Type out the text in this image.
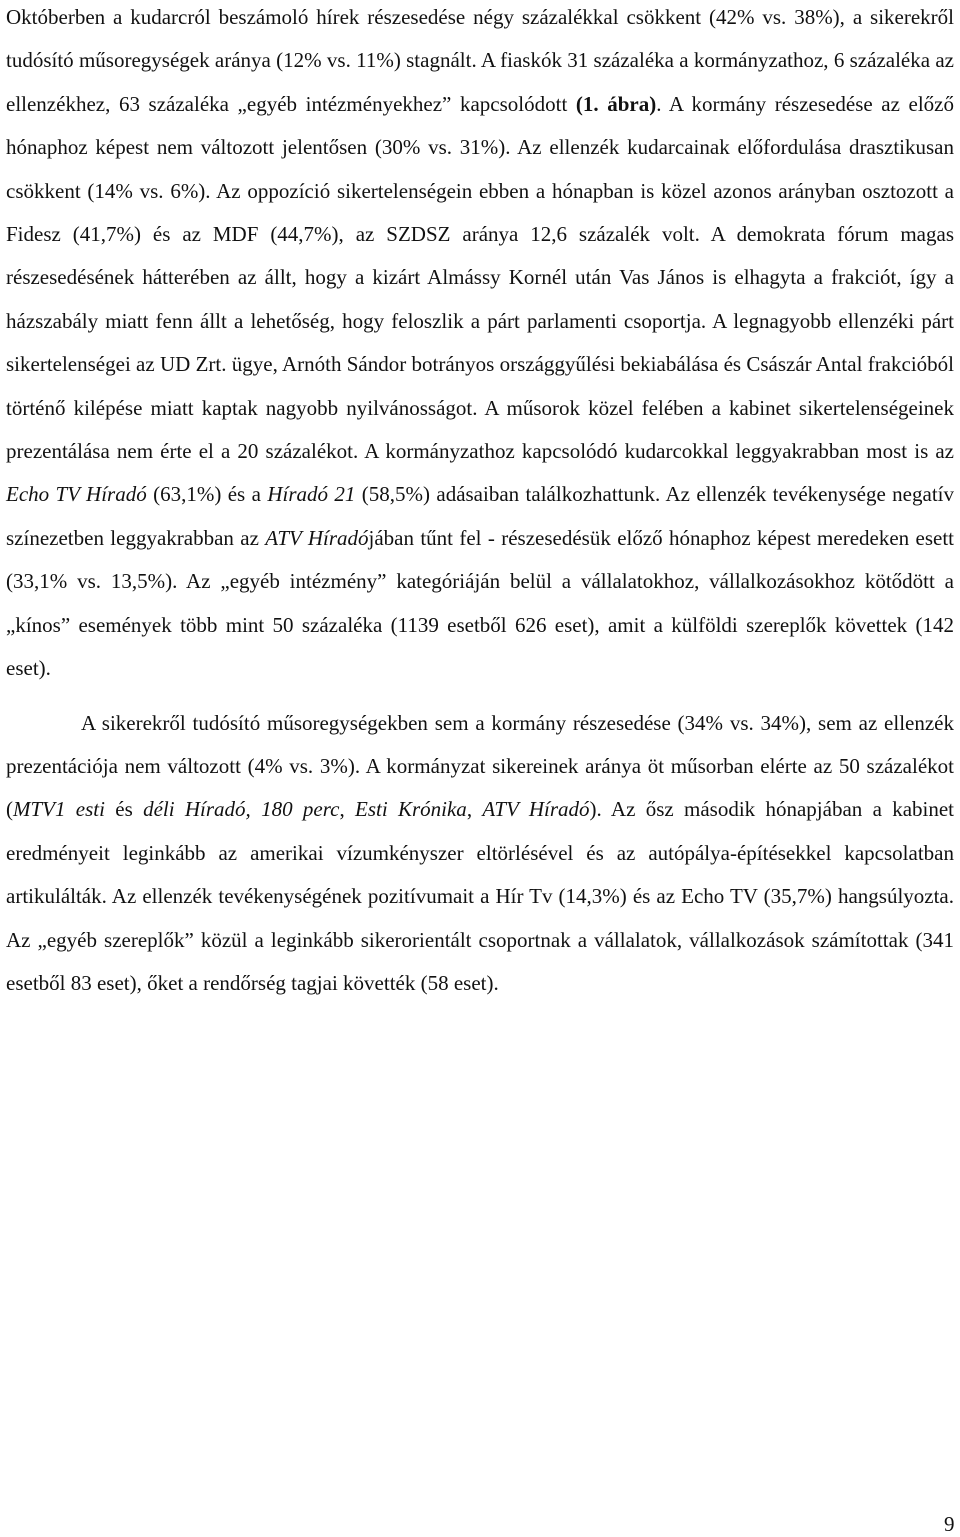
Októberben a kudarcról beszámoló hírek részesedése négy százalékkal csökkent (42% vs. 38%), a sikerekről tudósító műsoregységek aránya (12% vs. 11%) stagnált. A fiaskók 31 százaléka a kormányzathoz, 6 százaléka az ellenzékhez, 63 százaléka „egyéb intézményekhez” kapcsolódott (1. ábra). A kormány részesedése az előző hónaphoz képest nem változott jelentősen (30% vs. 31%). Az ellenzék kudarcainak előfordulása drasztikusan csökkent (14% vs. 6%). Az oppozíció sikertelenségein ebben a hónapban is közel azonos arányban osztozott a Fidesz (41,7%) és az MDF (44,7%), az SZDSZ aránya 12,6 százalék volt. A demokrata fórum magas részesedésének hátterében az állt, hogy a kizárt Almássy Kornél után Vas János is elhagyta a frakciót, így a házszabály miatt fenn állt a lehetőség, hogy feloszlik a párt parlamenti csoportja. A legnagyobb ellenzéki párt sikertelenségei az UD Zrt. ügye, Arnóth Sándor botrányos országgyűlési bekiabálása és Császár Antal frakcióból történő kilépése miatt kaptak nagyobb nyilvánosságot. A műsorok közel felében a kabinet sikertelenségeinek prezentálása nem érte el a 20 százalékot. A kormányzathoz kapcsolódó kudarcokkal leggyakrabban most is az Echo TV Híradó (63,1%) és a Híradó 21 (58,5%) adásaiban találkozhattunk. Az ellenzék tevékenysége negatív színezetben leggyakrabban az ATV Híradójában tűnt fel - részesedésük előző hónaphoz képest meredeken esett (33,1% vs. 13,5%). Az „egyéb intézmény” kategóriáján belül a vállalatokhoz, vállalkozásokhoz kötődött a „kínos” események több mint 50 százaléka (1139 esetből 626 eset), amit a külföldi szereplők követtek (142 eset).

A sikerekről tudósító műsoregységekben sem a kormány részesedése (34% vs. 34%), sem az ellenzék prezentációja nem változott (4% vs. 3%). A kormányzat sikereinek aránya öt műsorban elérte az 50 százalékot (MTV1 esti és déli Híradó, 180 perc, Esti Krónika, ATV Híradó). Az ősz második hónapjában a kabinet eredményeit leginkább az amerikai vízumkényszer eltörlésével és az autópálya-építésekkel kapcsolatban artikulálták. Az ellenzék tevékenységének pozitívumait a Hír Tv (14,3%) és az Echo TV (35,7%) hangsúlyozta. Az „egyéb szereplők” közül a leginkább sikerorientált csoportnak a vállalatok, vállalkozások számítottak (341 esetből 83 eset), őket a rendőrség tagjai követték (58 eset).

9
